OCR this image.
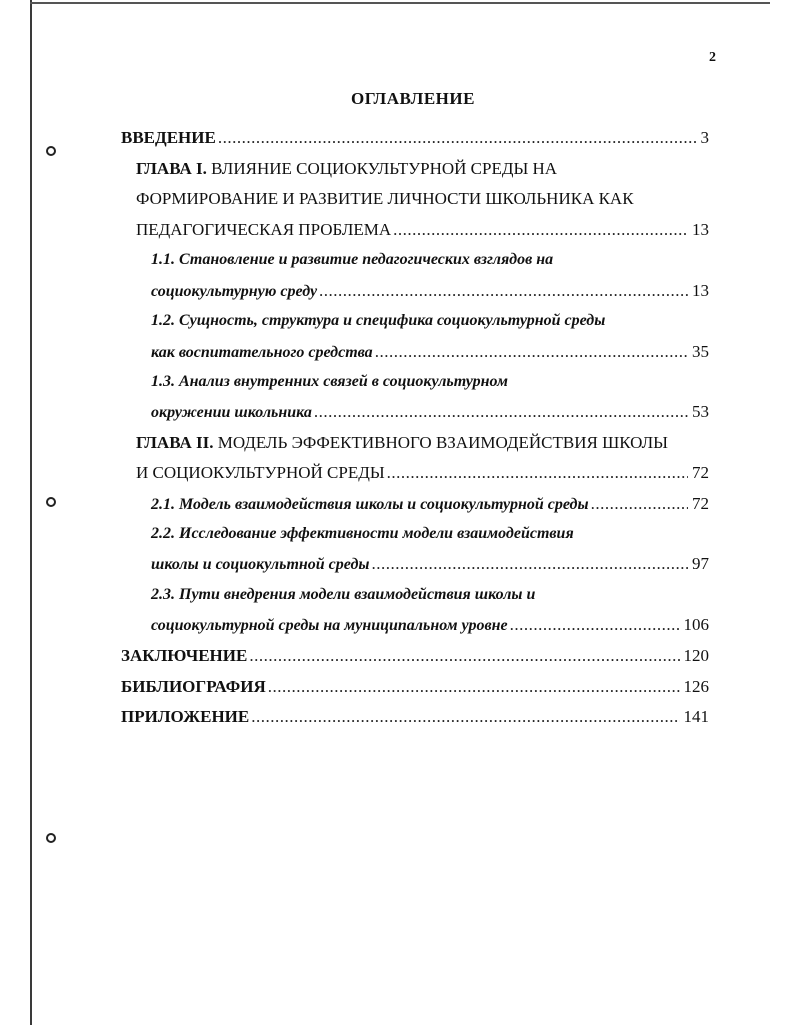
2
ОГЛАВЛЕНИЕ
ВВЕДЕНИЕ .....	3
ГЛАВА I. ВЛИЯНИЕ СОЦИОКУЛЬТУРНОЙ СРЕДЫ НА
ФОРМИРОВАНИЕ И РАЗВИТИЕ ЛИЧНОСТИ ШКОЛЬНИКА КАК
ПЕДАГОГИЧЕСКАЯ ПРОБЛЕМА .....	13
1.1. Становление и развитие педагогических взглядов на
социокультурную среду .....	13
1.2. Сущность, структура и специфика социокультурной среды
как воспитательного средства .....	35
1.3. Анализ внутренних связей в социокультурном
окружении школьника .....	53
ГЛАВА II. МОДЕЛЬ ЭФФЕКТИВНОГО ВЗАИМОДЕЙСТВИЯ ШКОЛЫ
И СОЦИОКУЛЬТУРНОЙ СРЕДЫ .....	72
2.1. Модель взаимодействия школы и социокультурной среды .....	72
2.2. Исследование эффективности модели взаимодействия
школы и социокультной среды .....	97
2.3. Пути внедрения модели взаимодействия школы и
социокультурной среды на муниципальном уровне .....	106
ЗАКЛЮЧЕНИЕ .....	120
БИБЛИОГРАФИЯ .....	126
ПРИЛОЖЕНИЕ .....	141
